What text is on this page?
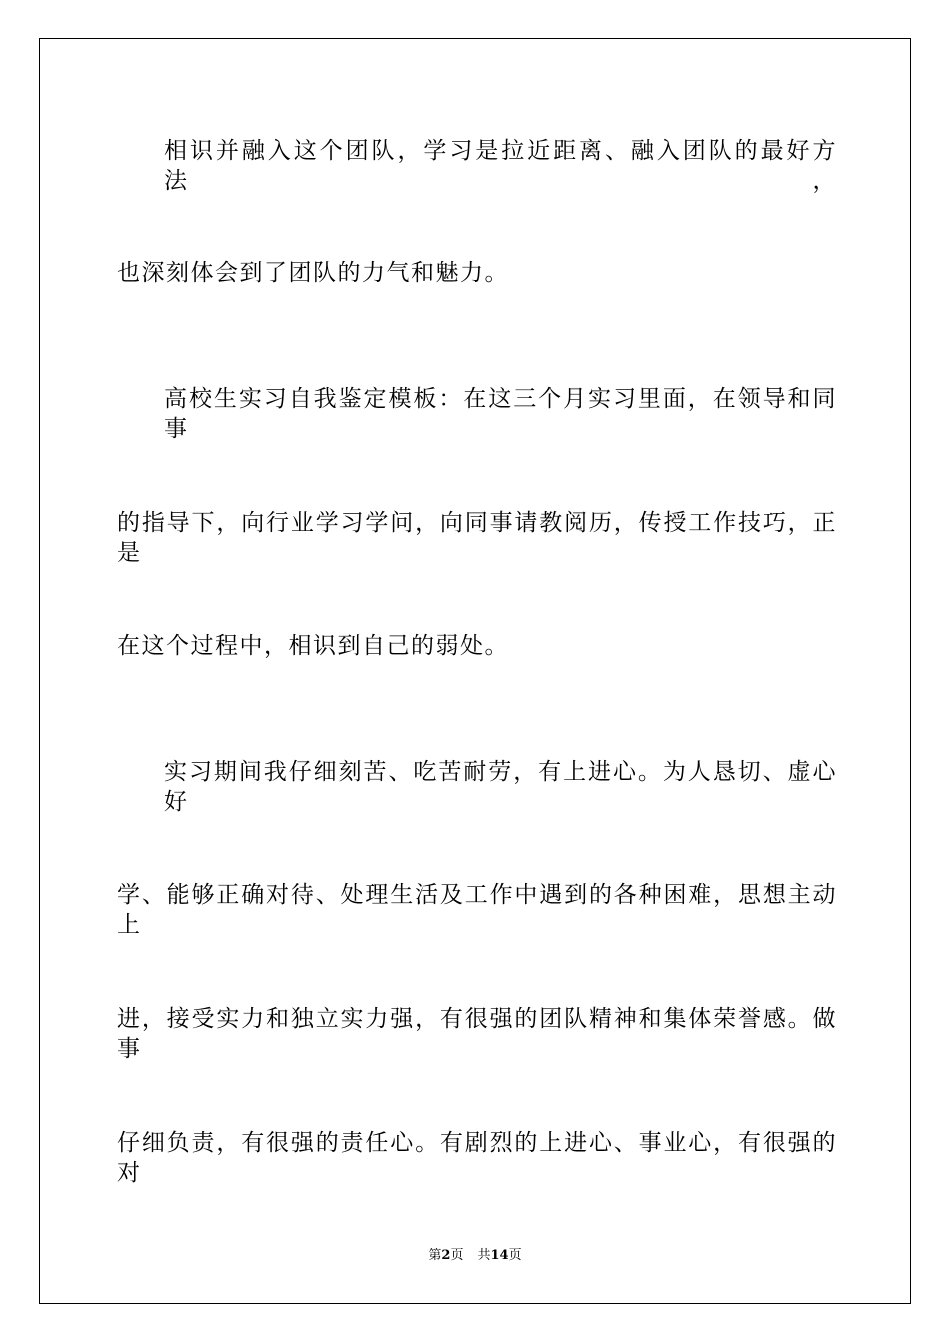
相识并融入这个团队，学习是拉近距离、融入团队的最好方法，
也深刻体会到了团队的力气和魅力。
高校生实习自我鉴定模板：在这三个月实习里面，在领导和同事
的指导下，向行业学习学问，向同事请教阅历，传授工作技巧，正是
在这个过程中，相识到自己的弱处。
实习期间我仔细刻苦、吃苦耐劳，有上进心。为人恳切、虚心好
学、能够正确对待、处理生活及工作中遇到的各种困难，思想主动上
进，接受实力和独立实力强，有很强的团队精神和集体荣誉感。做事
仔细负责，有很强的责任心。有剧烈的上进心、事业心，有很强的对
第2页 共14页
